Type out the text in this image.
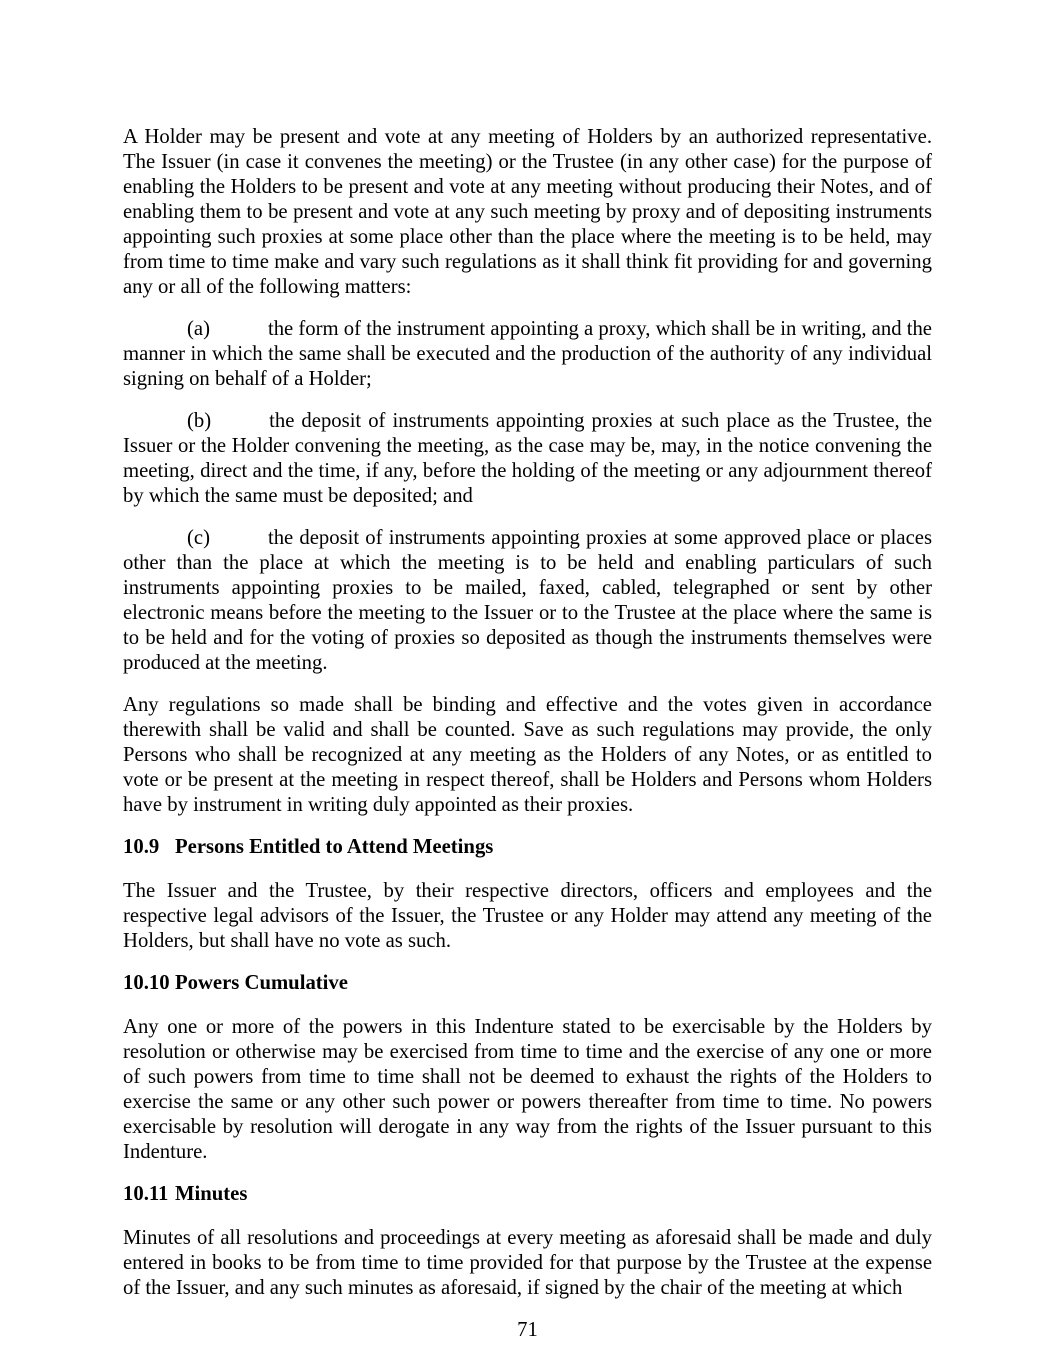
A Holder may be present and vote at any meeting of Holders by an authorized representative. The Issuer (in case it convenes the meeting) or the Trustee (in any other case) for the purpose of enabling the Holders to be present and vote at any meeting without producing their Notes, and of enabling them to be present and vote at any such meeting by proxy and of depositing instruments appointing such proxies at some place other than the place where the meeting is to be held, may from time to time make and vary such regulations as it shall think fit providing for and governing any or all of the following matters:

(a)	the form of the instrument appointing a proxy, which shall be in writing, and the manner in which the same shall be executed and the production of the authority of any individual signing on behalf of a Holder;

(b)	the deposit of instruments appointing proxies at such place as the Trustee, the Issuer or the Holder convening the meeting, as the case may be, may, in the notice convening the meeting, direct and the time, if any, before the holding of the meeting or any adjournment thereof by which the same must be deposited; and

(c)	the deposit of instruments appointing proxies at some approved place or places other than the place at which the meeting is to be held and enabling particulars of such instruments appointing proxies to be mailed, faxed, cabled, telegraphed or sent by other electronic means before the meeting to the Issuer or to the Trustee at the place where the same is to be held and for the voting of proxies so deposited as though the instruments themselves were produced at the meeting.

Any regulations so made shall be binding and effective and the votes given in accordance therewith shall be valid and shall be counted. Save as such regulations may provide, the only Persons who shall be recognized at any meeting as the Holders of any Notes, or as entitled to vote or be present at the meeting in respect thereof, shall be Holders and Persons whom Holders have by instrument in writing duly appointed as their proxies.

10.9 Persons Entitled to Attend Meetings

The Issuer and the Trustee, by their respective directors, officers and employees and the respective legal advisors of the Issuer, the Trustee or any Holder may attend any meeting of the Holders, but shall have no vote as such.

10.10 Powers Cumulative

Any one or more of the powers in this Indenture stated to be exercisable by the Holders by resolution or otherwise may be exercised from time to time and the exercise of any one or more of such powers from time to time shall not be deemed to exhaust the rights of the Holders to exercise the same or any other such power or powers thereafter from time to time. No powers exercisable by resolution will derogate in any way from the rights of the Issuer pursuant to this Indenture.

10.11 Minutes

Minutes of all resolutions and proceedings at every meeting as aforesaid shall be made and duly entered in books to be from time to time provided for that purpose by the Trustee at the expense of the Issuer, and any such minutes as aforesaid, if signed by the chair of the meeting at which

71
